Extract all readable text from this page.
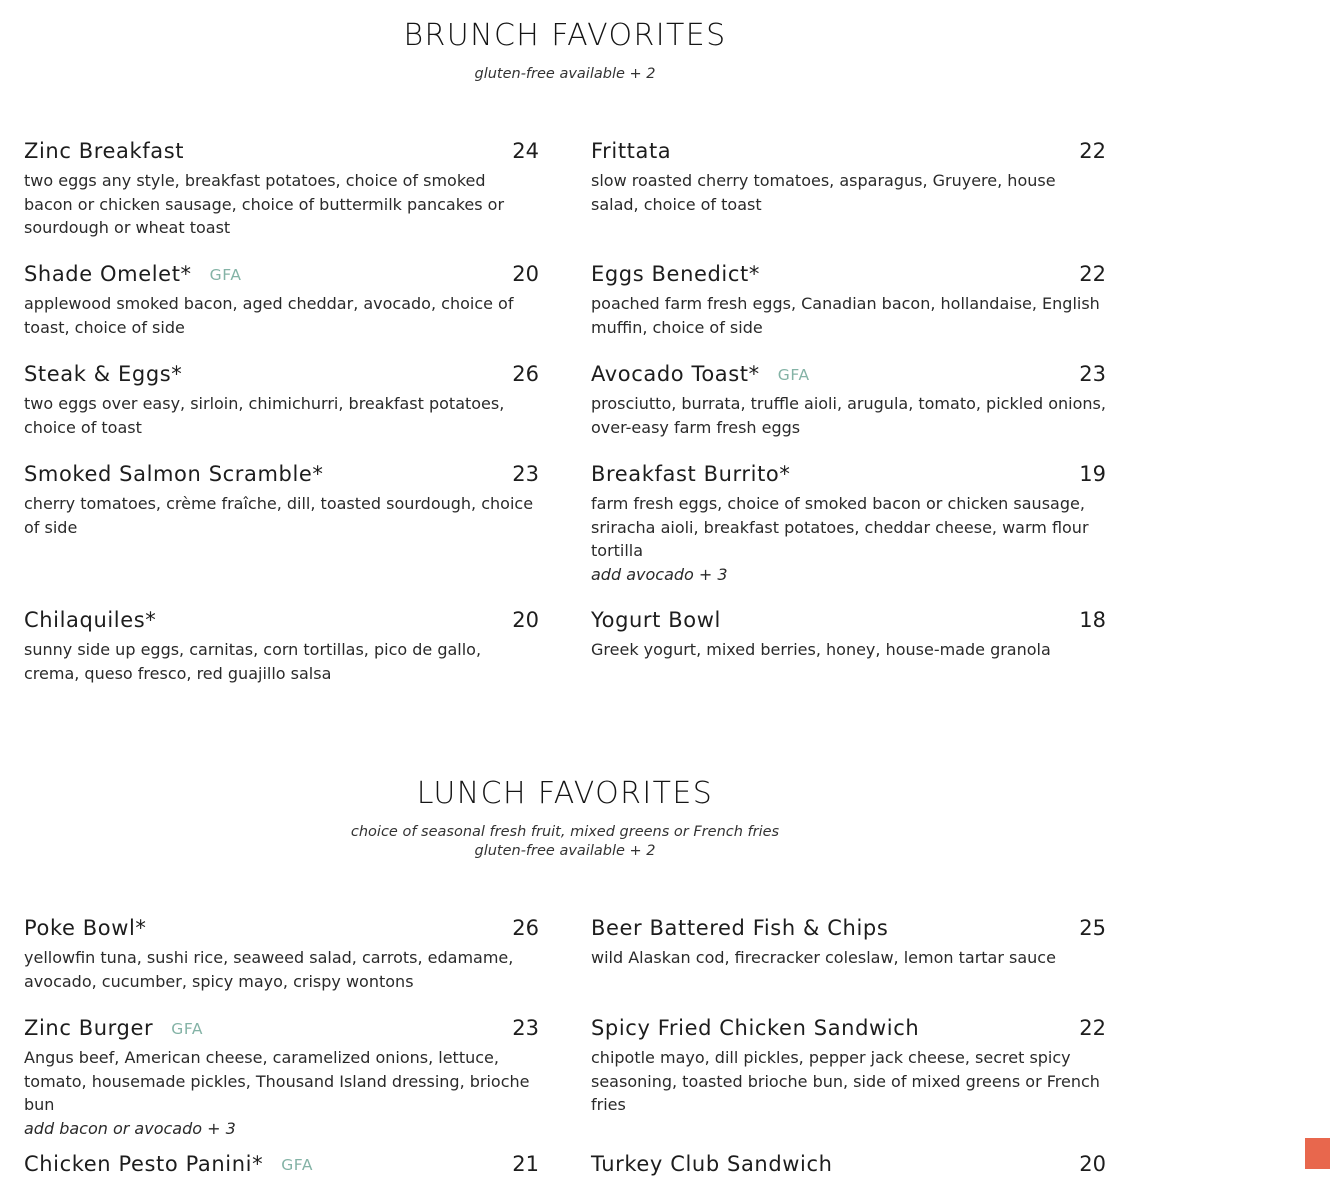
BRUNCH FAVORITES

gluten-free available + 2

Zinc Breakfast	24
two eggs any style, breakfast potatoes, choice of smoked bacon or chicken sausage, choice of buttermilk pancakes or sourdough or wheat toast
Frittata	22
slow roasted cherry tomatoes, asparagus, Gruyere, house salad, choice of toast
Shade Omelet* GFA	20
applewood smoked bacon, aged cheddar, avocado, choice of toast, choice of side
Eggs Benedict*	22
poached farm fresh eggs, Canadian bacon, hollandaise, English muffin, choice of side
Steak & Eggs*	26
two eggs over easy, sirloin, chimichurri, breakfast potatoes, choice of toast
Avocado Toast* GFA	23
prosciutto, burrata, truffle aioli, arugula, tomato, pickled onions, over-easy farm fresh eggs
Smoked Salmon Scramble*	23
cherry tomatoes, crème fraîche, dill, toasted sourdough, choice of side
Breakfast Burrito*	19
farm fresh eggs, choice of smoked bacon or chicken sausage, sriracha aioli, breakfast potatoes, cheddar cheese, warm flour tortilla
add avocado + 3
Chilaquiles*	20
sunny side up eggs, carnitas, corn tortillas, pico de gallo, crema, queso fresco, red guajillo salsa
Yogurt Bowl	18
Greek yogurt, mixed berries, honey, house-made granola
LUNCH FAVORITES

choice of seasonal fresh fruit, mixed greens or French fries

gluten-free available + 2

Poke Bowl*	26
yellowfin tuna, sushi rice, seaweed salad, carrots, edamame, avocado, cucumber, spicy mayo, crispy wontons
Beer Battered Fish & Chips	25
wild Alaskan cod, firecracker coleslaw, lemon tartar sauce
Zinc Burger GFA	23
Angus beef, American cheese, caramelized onions, lettuce, tomato, housemade pickles, Thousand Island dressing, brioche bun
add bacon or avocado + 3
Spicy Fried Chicken Sandwich	22
chipotle mayo, dill pickles, pepper jack cheese, secret spicy seasoning, toasted brioche bun, side of mixed greens or French fries
Chicken Pesto Panini* GFA	21 Turkey Club Sandwich	20
